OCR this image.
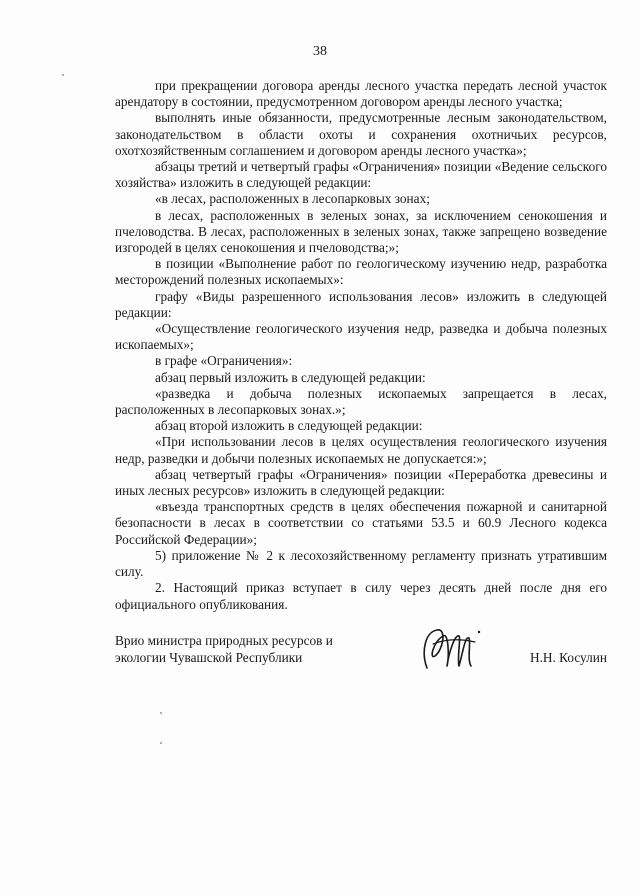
38

при прекращении договора аренды лесного участка передать лесной участок арендатору в состоянии, предусмотренном договором аренды лесного участка;

выполнять иные обязанности, предусмотренные лесным законодательством, законодательством в области охоты и сохранения охотничьих ресурсов, охотхозяйственным соглашением и договором аренды лесного участка»;

абзацы третий и четвертый графы «Ограничения» позиции «Ведение сельского хозяйства» изложить в следующей редакции:

«в лесах, расположенных в лесопарковых зонах;

в лесах, расположенных в зеленых зонах, за исключением сенокошения и пчеловодства. В лесах, расположенных в зеленых зонах, также запрещено возведение изгородей в целях сенокошения и пчеловодства;»;

в позиции «Выполнение работ по геологическому изучению недр, разработка месторождений полезных ископаемых»:

графу «Виды разрешенного использования лесов» изложить в следующей редакции:

«Осуществление геологического изучения недр, разведка и добыча полезных ископаемых»;

в графе «Ограничения»:

абзац первый изложить в следующей редакции:

«разведка и добыча полезных ископаемых запрещается в лесах, расположенных в лесопарковых зонах.»;

абзац второй изложить в следующей редакции:

«При использовании лесов в целях осуществления геологического изучения недр, разведки и добычи полезных ископаемых не допускается:»;

абзац четвертый графы «Ограничения» позиции «Переработка древесины и иных лесных ресурсов» изложить в следующей редакции:

«въезда транспортных средств в целях обеспечения пожарной и санитарной безопасности в лесах в соответствии со статьями 53.5 и 60.9 Лесного кодекса Российской Федерации»;

5) приложение № 2 к лесохозяйственному регламенту признать утратившим силу.

2. Настоящий приказ вступает в силу через десять дней после дня его официального опубликования.

Врио министра природных ресурсов и
экологии Чувашской Республики	Н.Н. Косулин
